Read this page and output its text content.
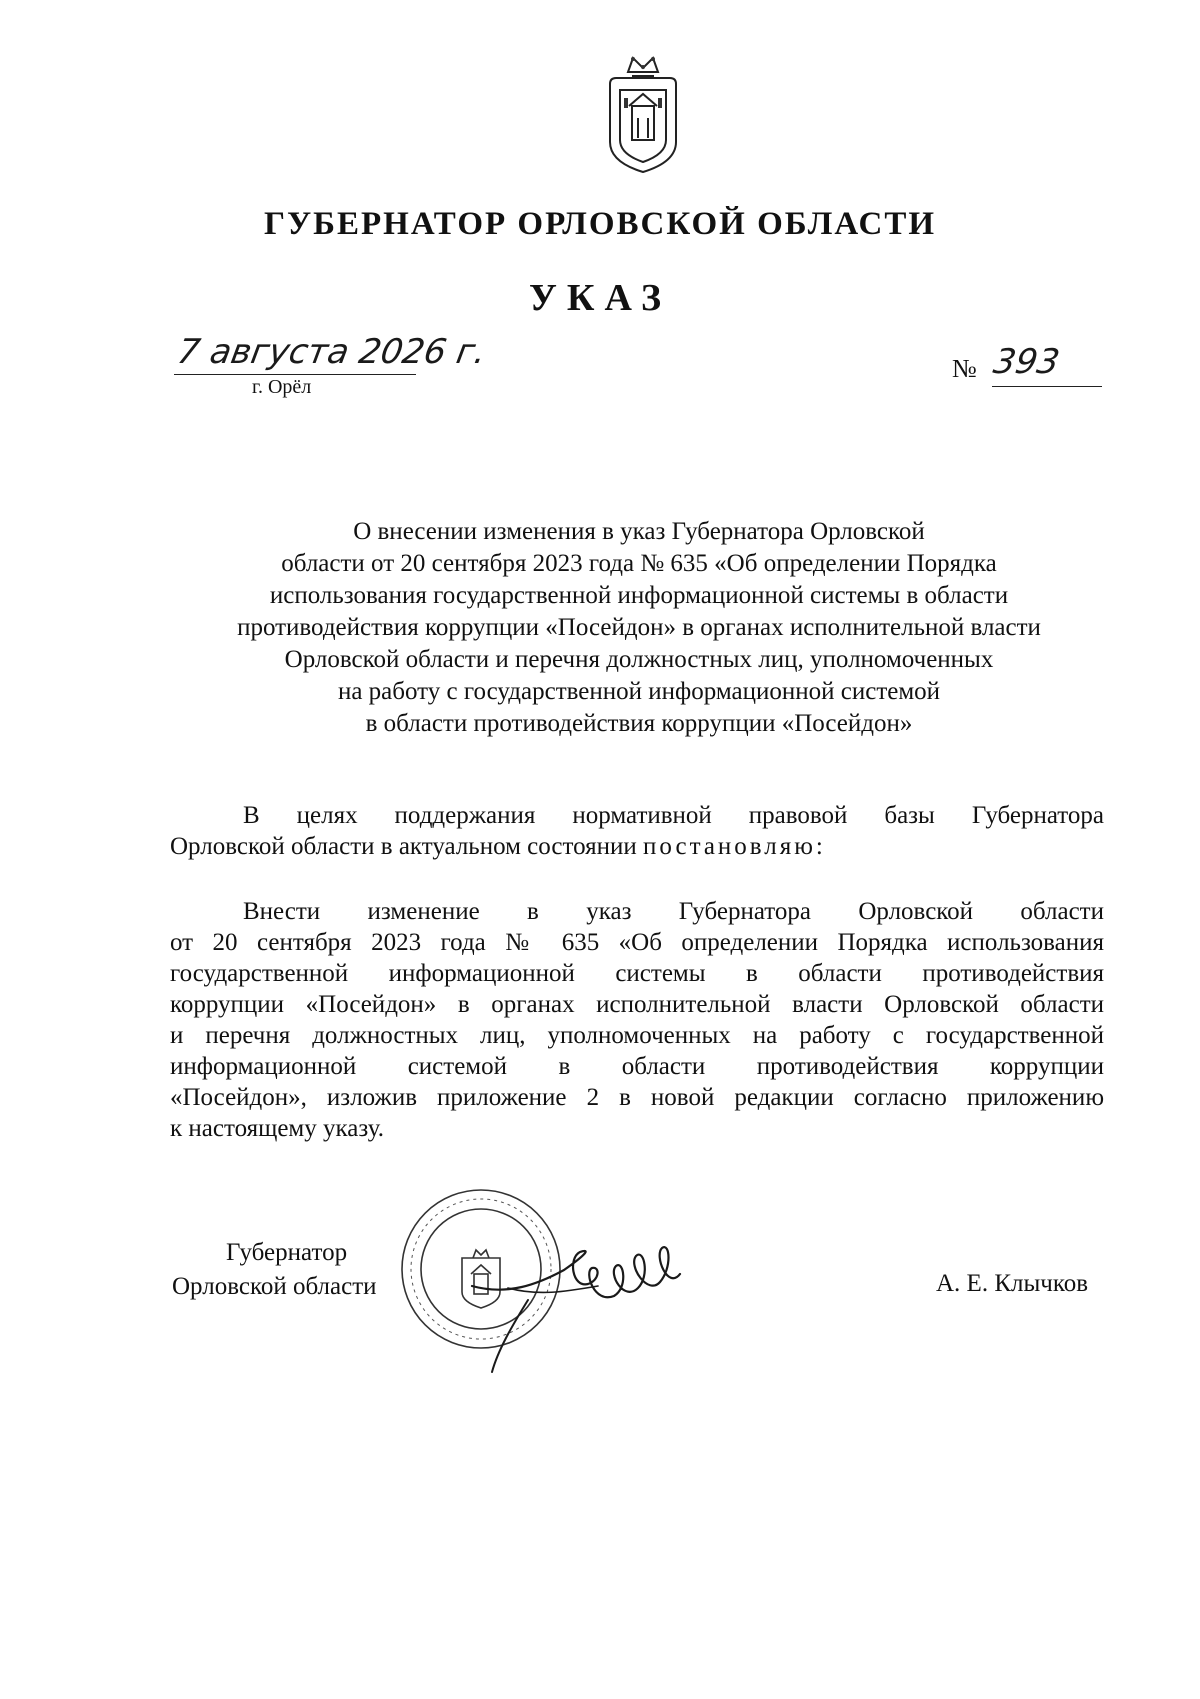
ГУБЕРНАТОР ОРЛОВСКОЙ ОБЛАСТИ
УКАЗ
7 августа 2026 г.
г. Орёл
№ 393
О внесении изменения в указ Губернатора Орловской
области от 20 сентября 2023 года № 635 «Об определении Порядка
использования государственной информационной системы в области
противодействия коррупции «Посейдон» в органах исполнительной власти
Орловской области и перечня должностных лиц, уполномоченных
на работу с государственной информационной системой
в области противодействия коррупции «Посейдон»
В целях поддержания нормативной правовой базы Губернатора
Орловской области в актуальном состоянии постановляю:
Внести изменение в указ Губернатора Орловской области
от 20 сентября 2023 года № 635 «Об определении Порядка использования
государственной информационной системы в области противодействия
коррупции «Посейдон» в органах исполнительной власти Орловской области
и перечня должностных лиц, уполномоченных на работу с государственной
информационной системой в области противодействия коррупции
«Посейдон», изложив приложение 2 в новой редакции согласно приложению
к настоящему указу.
Губернатор
Орловской области	А. Е. Клычков
